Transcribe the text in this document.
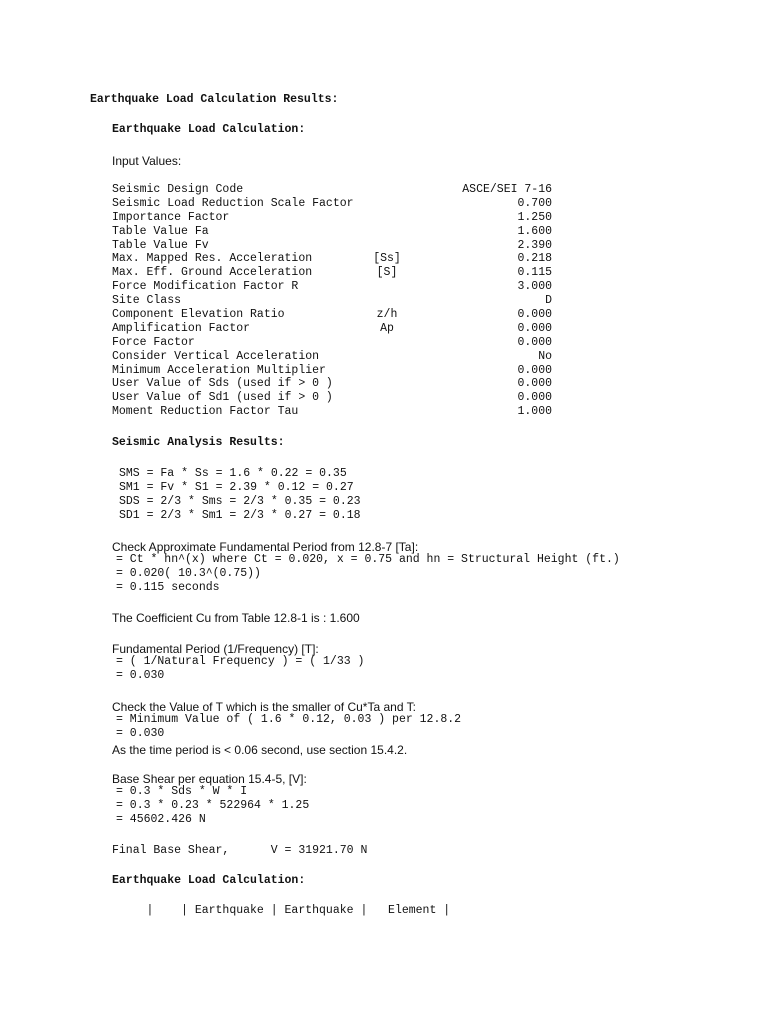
Earthquake Load Calculation Results:
Earthquake Load Calculation:
Input Values:
Seismic Design Code	ASCE/SEI 7-16
Seismic Load Reduction Scale Factor	0.700
Importance Factor	1.250
Table Value Fa	1.600
Table Value Fv	2.390
Max. Mapped Res. Acceleration	[Ss]	0.218
Max. Eff. Ground Acceleration	[S]	0.115
Force Modification Factor R	3.000
Site Class	D
Component Elevation Ratio	z/h	0.000
Amplification Factor	Ap	0.000
Force Factor	0.000
Consider Vertical Acceleration	No
Minimum Acceleration Multiplier	0.000
User Value of Sds (used if > 0 )	0.000
User Value of Sd1 (used if > 0 )	0.000
Moment Reduction Factor Tau	1.000
Seismic Analysis Results:
SMS = Fa * Ss = 1.6 * 0.22 = 0.35
SM1 = Fv * S1 = 2.39 * 0.12 = 0.27
SDS = 2/3 * Sms = 2/3 * 0.35 = 0.23
SD1 = 2/3 * Sm1 = 2/3 * 0.27 = 0.18
Check Approximate Fundamental Period from 12.8-7 [Ta]:
= Ct * hn^(x) where Ct = 0.020, x = 0.75 and hn = Structural Height (ft.)
= 0.020( 10.3^(0.75))
= 0.115 seconds
The Coefficient Cu from Table 12.8-1 is : 1.600
Fundamental Period (1/Frequency) [T]:
= ( 1/Natural Frequency ) = ( 1/33 )
= 0.030
Check the Value of T which is the smaller of Cu*Ta and T:
= Minimum Value of ( 1.6 * 0.12, 0.03 ) per 12.8.2
= 0.030
As the time period is < 0.06 second, use section 15.4.2.
Base Shear per equation 15.4-5, [V]:
= 0.3 * Sds * W * I
= 0.3 * 0.23 * 522964 * 1.25
= 45602.426 N
Final Base Shear,      V = 31921.70 N
Earthquake Load Calculation:
|    | Earthquake | Earthquake |   Element |
